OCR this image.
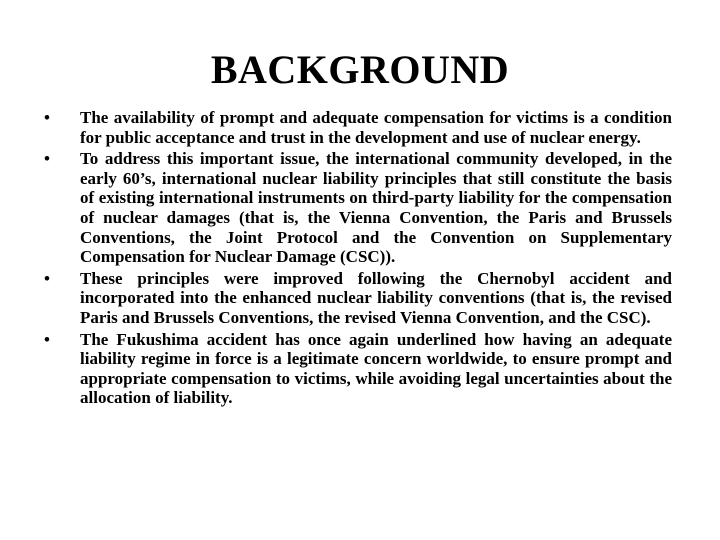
BACKGROUND
• The availability of prompt and adequate compensation for victims is a condition for public acceptance and trust in the development and use of nuclear energy.
• To address this important issue, the international community developed, in the early 60’s, international nuclear liability principles that still constitute the basis of existing international instruments on third-party liability for the compensation of nuclear damages (that is, the Vienna Convention, the Paris and Brussels Conventions, the Joint Protocol and the Convention on Supplementary Compensation for Nuclear Damage (CSC)).
• These principles were improved following the Chernobyl accident and incorporated into the enhanced nuclear liability conventions (that is, the revised Paris and Brussels Conventions, the revised Vienna Convention, and the CSC).
• The Fukushima accident has once again underlined how having an adequate liability regime in force is a legitimate concern worldwide, to ensure prompt and appropriate compensation to victims, while avoiding legal uncertainties about the allocation of liability.
